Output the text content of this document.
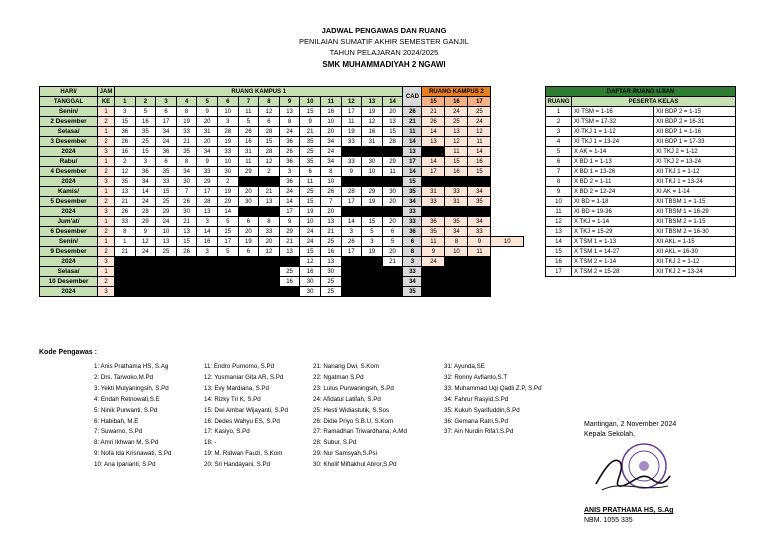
JADWAL PENGAWAS DAN RUANG
PENILAIAN SUMATIF AKHIR SEMESTER GANJIL
TAHUN PELAJARAN 2024/2025
SMK MUHAMMADIYAH 2 NGAWI
HARI/	JAM	RUANG KAMPUS 1														CAD	RUANG KAMPUS 2			
TANGGAL	KE	1	2	3	4	5	6	7	8	9	10	11	12	13	14		15	16	17	

Senin/	1	3	5	6	8	9	10	11	12	13	15	16	17	19	20	26	21	24	25	

2 Desember	2	15	16	17	19	20	3	5	6	8	9	10	11	12	13	21	26	25	24	
Selasa/	1	36	35	34	33	31	28	26	28	24	21	20	19	16	15	11	14	13	12	
3 Desember	2	26	25	24	21	20	19	16	15	36	35	34	33	31	28	14	13	12	11	
2024	3	16	15	36	35	34	33	31	28	26	25	24				13		11	14	
Rabu/	1	2	3	6	8	9	10	11	12	36	35	34	33	30	29	17	14	15	16	
4 Desember	2	12	36	35	34	33	30	29	2	3	6	8	9	10	11	14	17	16	15	
2024	3	35	34	33	30	29	2			36	11	10				15				
Kamis/	1	13	14	15	7	17	19	20	21	24	25	26	28	29	30	35	31	33	34	
5 Desember	2	21	24	25	26	28	29	30	13	14	15	7	17	19	20	34	33	31	35	
2024	3	26	28	29	30	13	14			17	19	20				33				

Jum'at/	1	33	29	24	21	3	5	6	8	9	10	13	14	15	20	33	36	35	34	

6 Desember	2	8	9	10	13	14	15	20	33	29	24	21	3	5	6	36	35	34	33	
Senin/	1	1	12	13	15	16	17	19	20	21	24	25	26	3	5	6	11	8	9	10
9 Desember	2	21	24	25	26	3	5	6	12	13	15	16	17	19	20	8	9	10	11	
2024	3										12	13			21	3	24			
Selasa/	1									25	16	30				33				
10 Desember	2									16	30	25				34				
2024	3										30	25				35				
DAFTAR RUANG UJIAN		
RUANG	PESERTA KELAS	
1	XI TSM = 1-16	XII BDP 2 = 1-15
2	XI TSM = 17-32	XII BDP 2 = 16-31
3	XI TKJ 1 = 1-12	XII BDP 1 = 1-16
4	XI TKJ 1 = 13-24	XII BDP 1 = 17-33
5	X AK = 1-14	XI TKJ 2 = 1-12
6	X BD 1 = 1-13	XI TKJ 2 = 13-24
7	X BD 1 = 13-26	XII TKJ 1 = 1-12
8	X BD 2 = 1-11	XII TKJ 1 = 13-24
9	X BD 2 = 12-24	XI AK = 1-14
10	XI BD = 1-18	XII TBSM 1 = 1-15
11	XI BD = 19-36	XII TBSM 1 = 16-29
12	X TKJ = 1-14	XII TBSM 2 = 1-15
13	X TKJ = 15-29	XII TBSM 2 = 16-30
14	X TSM 1 = 1-13	XII AKL = 1-15
15	X TSM 1 = 14-27	XII AKL = 16-30
16	X TSM 2 = 1-14	XII TKJ 2 = 1-12
17	X TSM 2 = 15-28	XII TKJ 2 = 13-24
Kode Pengawas :
1: Anis Prathama HS, S.Ag
2: Drs. Tarwoko,M.Pd
3: Yekti Mulyaningsih, S.Pd
4: Endah Retnowati,S.E
5: Ninik Purwanti, S.Pd
6: Habibah, M.E
7: Suwarno, S.Pd
8: Amri Ikhwan M, S.Pd
9: Nofa Ida Krisnawati, S.Pd
10: Ana Iparianti, S.Pd
11: Endro Purnomo, S.Pd
12: Yusmaniar Gita AR, S.Pd
13: Evy Mardiana, S.Pd
14: Rizky Tri K, S.Pd
15: Dwi Ambar Wijayanti, S.Pd
16: Dedes Wahyu ES, S.Pd
17: Kasiyo, S.Pd
18: -
19: M. Ridwan Fauzi, S.Kom
20: Sri Handayani, S.Pd
21: Nanang Dwi, S.Kom
22: Ngatman S.Pd
23: Lulus Purwaningsih, S.Pd
24: Afidatul Latifah, S.Pd
25: Hesti Widiastutik, S.Sos
26: Didie Priyo S.B.U, S.Kom
27: Ramadhan Triwardhana, A.Md
28: Subur, S.Pd
29: Nur Samsyah,S.Psi
30: Kholif Miftakhul Abror,S.Pd
31: Ayunda,SE
32: Ronny Avfianto,S.T
33: Muhammad Uqi Qadli Z.P, S.Pd
34: Fahrur Rasyid,S.Pd
35: Kukuh Syarifuddin,S.Pd
36: Gemana Ratri,S.Pd
37: Ain Nurdin Rifa'i,S.Pd
Mantingan, 2 November 2024
Kepala Sekolah,
ANIS PRATHAMA HS, S.Ag
NBM. 1055 335
